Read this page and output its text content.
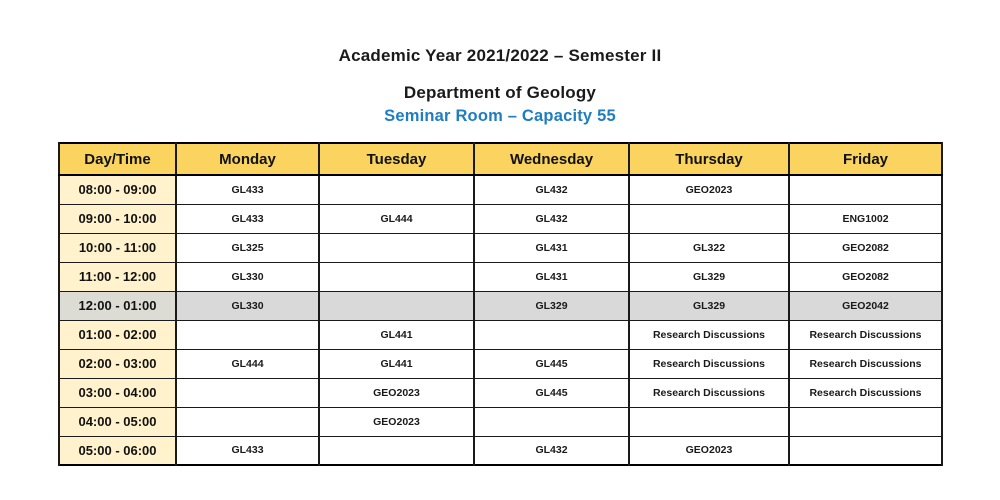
Academic Year 2021/2022 – Semester II
Department of Geology
Seminar Room – Capacity 55
Day/Time	Monday	Tuesday	Wednesday	Thursday	Friday
08:00 - 09:00	GL433		GL432	GEO2023	
09:00 - 10:00	GL433	GL444	GL432		ENG1002
10:00 - 11:00	GL325		GL431	GL322	GEO2082
11:00 - 12:00	GL330		GL431	GL329	GEO2082
12:00 - 01:00	GL330		GL329	GL329	GEO2042
01:00 - 02:00		GL441		Research Discussions	Research Discussions
02:00 - 03:00	GL444	GL441	GL445	Research Discussions	Research Discussions
03:00 - 04:00		GEO2023	GL445	Research Discussions	Research Discussions
04:00 - 05:00		GEO2023			
05:00 - 06:00	GL433		GL432	GEO2023	
